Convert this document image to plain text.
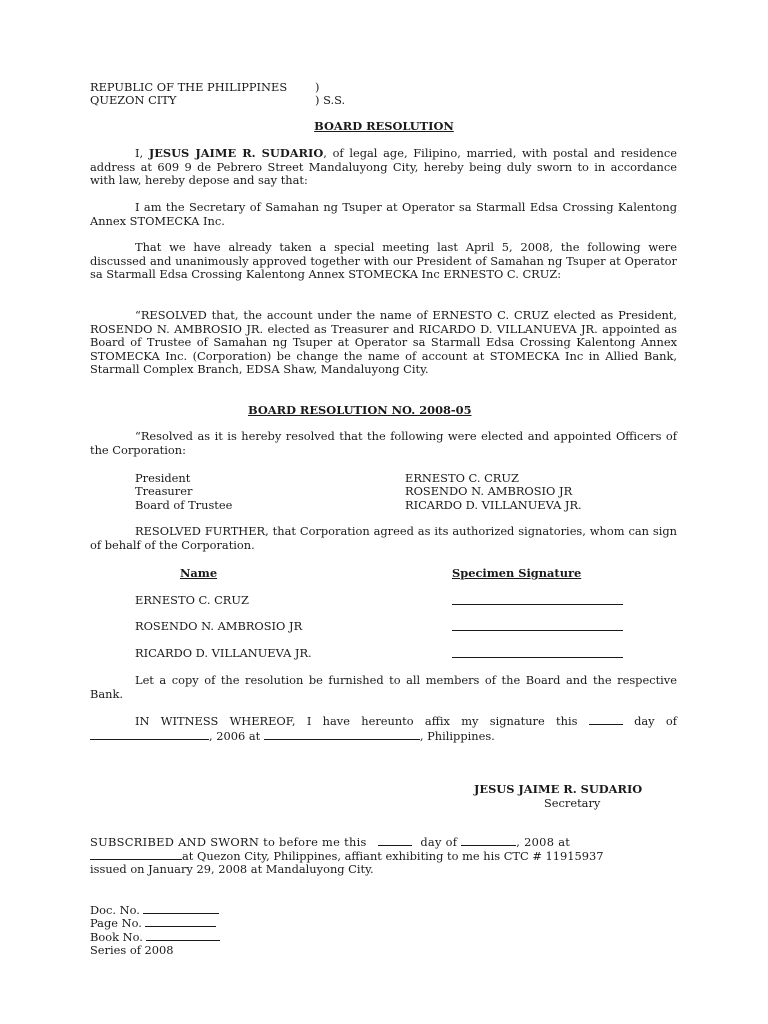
REPUBLIC OF THE PHILIPPINES )
QUEZON CITY	) S.S.
BOARD RESOLUTION
I, JESUS JAIME R. SUDARIO, of legal age, Filipino, married, with postal and residence address at 609 9 de Pebrero Street Mandaluyong City, hereby being duly sworn to in accordance with law, hereby depose and say that:
I am the Secretary of Samahan ng Tsuper at Operator sa Starmall Edsa Crossing Kalentong Annex STOMECKA Inc.
That we have already taken a special meeting last April 5, 2008, the following were discussed and unanimously approved together with our President of Samahan ng Tsuper at Operator sa Starmall Edsa Crossing Kalentong Annex STOMECKA Inc ERNESTO C. CRUZ:
“RESOLVED that, the account under the name of ERNESTO C. CRUZ elected as President, ROSENDO N. AMBROSIO JR. elected as Treasurer and RICARDO D. VILLANUEVA JR. appointed as Board of Trustee of Samahan ng Tsuper at Operator sa Starmall Edsa Crossing Kalentong Annex STOMECKA Inc. (Corporation) be change the name of account at STOMECKA Inc in Allied Bank, Starmall Complex Branch, EDSA Shaw, Mandaluyong City.
BOARD RESOLUTION NO. 2008-05
“Resolved as it is hereby resolved that the following were elected and appointed Officers of the Corporation:
President	ERNESTO C. CRUZ
Treasurer	ROSENDO N. AMBROSIO JR
Board of Trustee	RICARDO D. VILLANUEVA JR.
RESOLVED FURTHER, that Corporation agreed as its authorized signatories, whom can sign of behalf of the Corporation.
Name	Specimen Signature
ERNESTO C. CRUZ
ROSENDO N. AMBROSIO JR
RICARDO D. VILLANUEVA JR.
Let a copy of the resolution be furnished to all members of the Board and the respective Bank.
IN WITNESS WHEREOF, I have hereunto affix my signature this	day of , 2006 at	, Philippines.
JESUS JAIME R. SUDARIO
Secretary
SUBSCRIBED AND SWORN to before me this	day of	, 2008 at
at Quezon City, Philippines, affiant exhibiting to me his CTC # 11915937
issued on January 29, 2008 at Mandaluyong City.
Doc. No.
Page No.
Book No.
Series of 2008
